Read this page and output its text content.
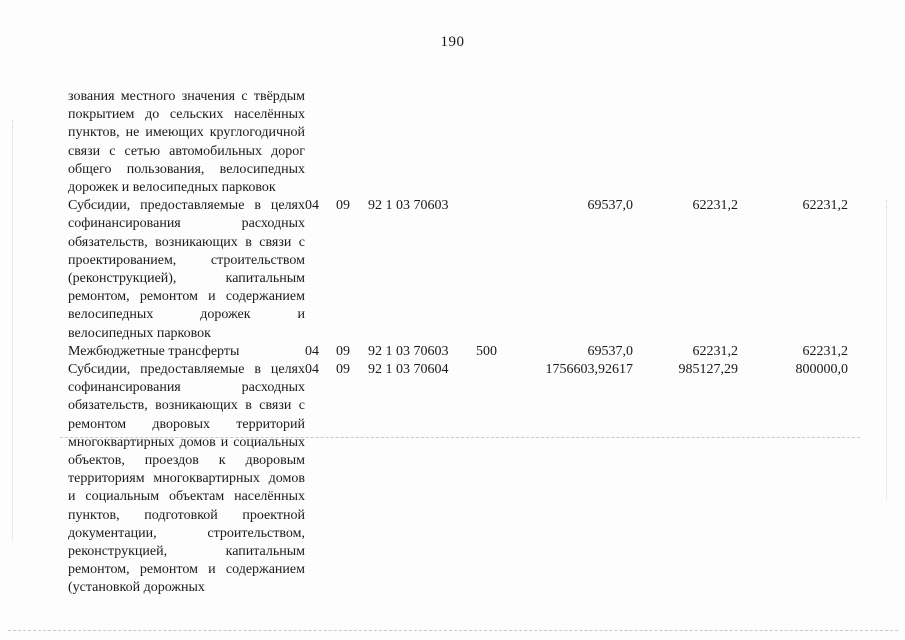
190
зования местного значения с твёрдым покрытием до сельских населённых пунктов, не имеющих круглогодичной связи с сетью автомобильных дорог общего пользования, велосипедных дорожек и велосипедных парковок							
Субсидии, предоставляемые в целях софинансирования расходных обязательств, возникающих в связи с проектированием, строительством (реконструкцией), капитальным ремонтом, ремонтом и содержанием велосипедных дорожек и велосипедных парковок	04	09	92 1 03 70603		69537,0	62231,2	62231,2
Межбюджетные трансферты	04	09	92 1 03 70603	500	69537,0	62231,2	62231,2
Субсидии, предоставляемые в целях софинансирования расходных обязательств, возникающих в связи с ремонтом дворовых территорий многоквартирных домов и социальных объектов, проездов к дворовым территориям многоквартирных домов и социальным объектам населённых пунктов, подготовкой проектной документации, строительством, реконструкцией, капитальным ремонтом, ремонтом и содержанием (установкой дорожных	04	09	92 1 03 70604		1756603,92617	985127,29	800000,0
